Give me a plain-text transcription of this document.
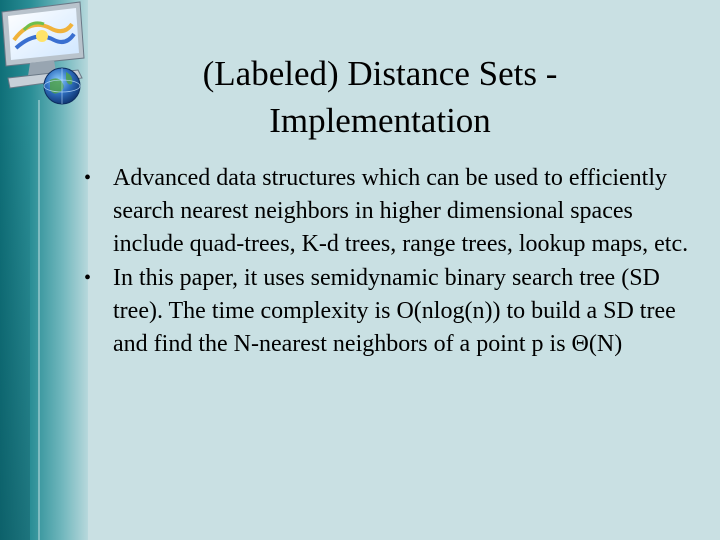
(Labeled) Distance Sets -
Implementation
• Advanced data structures which can be used to efficiently search nearest neighbors in higher dimensional spaces include quad-trees, K-d trees, range trees, lookup maps, etc.
• In this paper, it uses semidynamic binary search tree (SD tree). The time complexity is O(nlog(n)) to build a SD tree and find the N-nearest neighbors of a point p is Θ(N)
